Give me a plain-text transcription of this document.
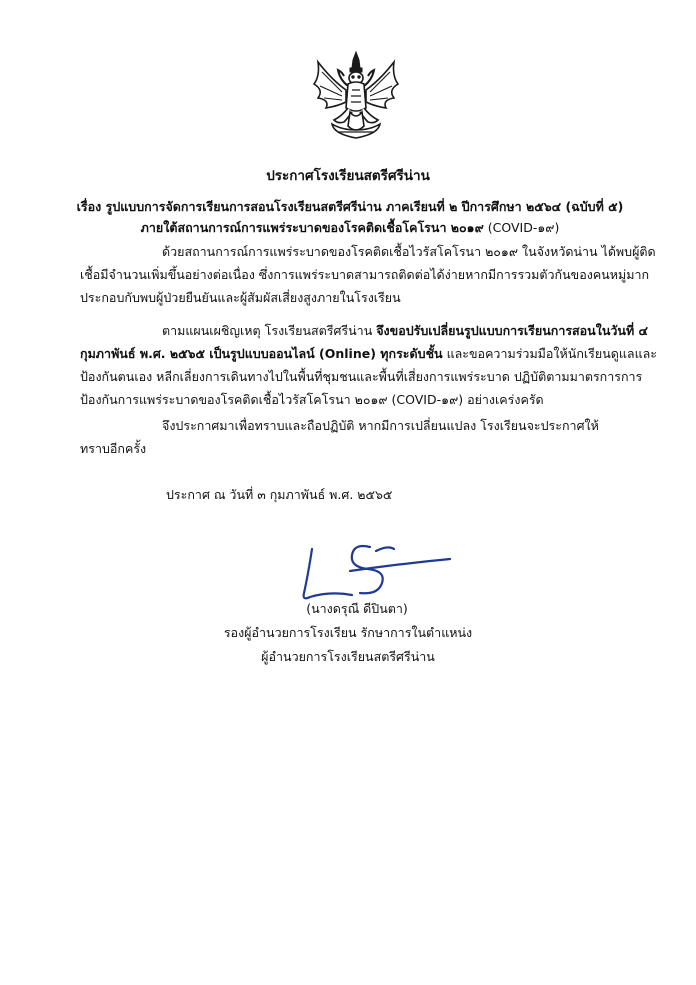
ประกาศโรงเรียนสตรีศรีน่าน
เรื่อง รูปแบบการจัดการเรียนการสอนโรงเรียนสตรีศรีน่าน ภาคเรียนที่ ๒ ปีการศึกษา ๒๕๖๔ (ฉบับที่ ๕)
ภายใต้สถานการณ์การแพร่ระบาดของโรคติดเชื้อโคโรนา ๒๐๑๙ (COVID-๑๙)
ด้วยสถานการณ์การแพร่ระบาดของโรคติดเชื้อไวรัสโคโรนา ๒๐๑๙ ในจังหวัดน่าน ได้พบผู้ติด
เชื้อมีจำนวนเพิ่มขึ้นอย่างต่อเนื่อง ซึ่งการแพร่ระบาดสามารถติดต่อได้ง่ายหากมีการรวมตัวกันของคนหมู่มาก
ประกอบกับพบผู้ป่วยยืนยันและผู้สัมผัสเสี่ยงสูงภายในโรงเรียน
ตามแผนเผชิญเหตุ โรงเรียนสตรีศรีน่าน จึงขอปรับเปลี่ยนรูปแบบการเรียนการสอนในวันที่ ๔
กุมภาพันธ์ พ.ศ. ๒๕๖๕ เป็นรูปแบบออนไลน์ (Online) ทุกระดับชั้น และขอความร่วมมือให้นักเรียนดูแลและ
ป้องกันตนเอง หลีกเลี่ยงการเดินทางไปในพื้นที่ชุมชนและพื้นที่เสี่ยงการแพร่ระบาด ปฏิบัติตามมาตรการการ
ป้องกันการแพร่ระบาดของโรคติดเชื้อไวรัสโคโรนา ๒๐๑๙ (COVID-๑๙) อย่างเคร่งครัด
จึงประกาศมาเพื่อทราบและถือปฏิบัติ หากมีการเปลี่ยนแปลง โรงเรียนจะประกาศให้
ทราบอีกครั้ง
ประกาศ ณ วันที่ ๓ กุมภาพันธ์ พ.ศ. ๒๕๖๕
(นางดรุณี ดีปินตา)
รองผู้อำนวยการโรงเรียน รักษาการในตำแหน่ง
ผู้อำนวยการโรงเรียนสตรีศรีน่าน
